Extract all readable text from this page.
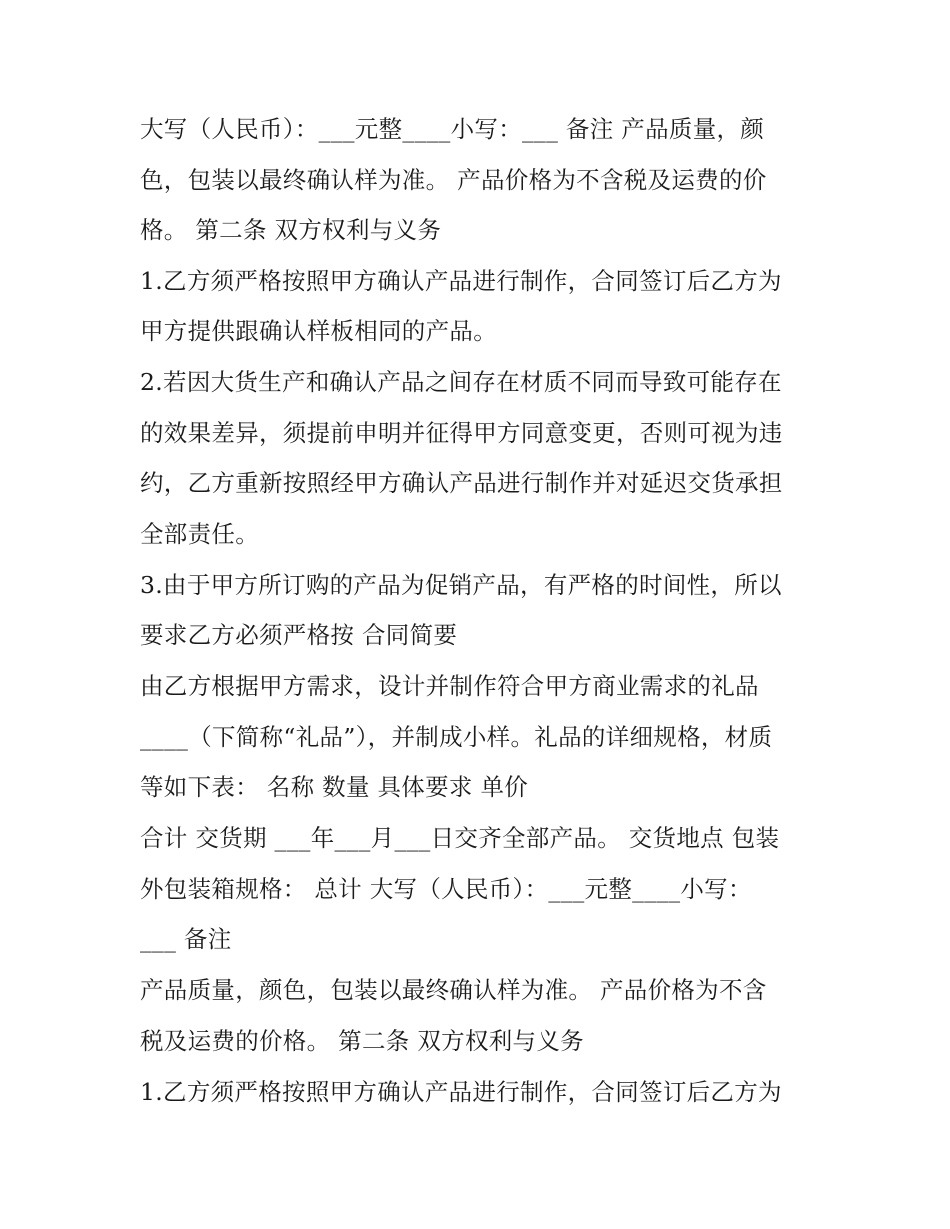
大写（人民币）：___元整____小写：___ 备注 产品质量，颜
色，包装以最终确认样为准。 产品价格为不含税及运费的价
格。 第二条 双方权利与义务
1.乙方须严格按照甲方确认产品进行制作，合同签订后乙方为
甲方提供跟确认样板相同的产品。
2.若因大货生产和确认产品之间存在材质不同而导致可能存在
的效果差异，须提前申明并征得甲方同意变更，否则可视为违
约，乙方重新按照经甲方确认产品进行制作并对延迟交货承担
全部责任。
3.由于甲方所订购的产品为促销产品，有严格的时间性，所以
要求乙方必须严格按 合同简要
由乙方根据甲方需求，设计并制作符合甲方商业需求的礼品
____（下简称“礼品”），并制成小样。礼品的详细规格，材质
等如下表： 名称 数量 具体要求 单价
合计 交货期 ___年___月___日交齐全部产品。 交货地点 包装
外包装箱规格： 总计 大写（人民币）：___元整____小写：
___ 备注
产品质量，颜色，包装以最终确认样为准。 产品价格为不含
税及运费的价格。 第二条 双方权利与义务
1.乙方须严格按照甲方确认产品进行制作，合同签订后乙方为
